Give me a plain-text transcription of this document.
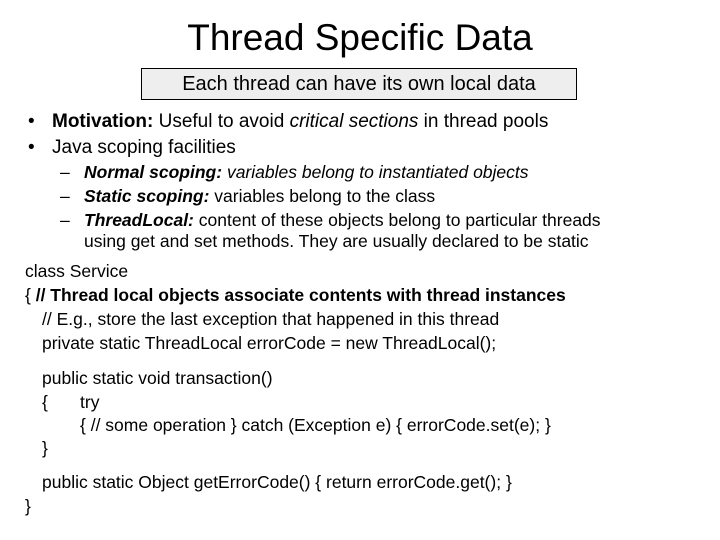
Thread Specific Data
Each thread can have its own local data
• Motivation: Useful to avoid critical sections in thread pools
• Java scoping facilities
– Normal scoping: variables belong to instantiated objects
– Static scoping: variables belong to the class
– ThreadLocal: content of these objects belong to particular threads
using get and set methods. They are usually declared to be static
class Service
{ // Thread local objects associate contents with thread instances
// E.g., store the last exception that happened in this thread
private static ThreadLocal errorCode = new ThreadLocal();
public static void transaction()
{ try
{ // some operation } catch (Exception e) { errorCode.set(e); }
}
public static Object getErrorCode() { return errorCode.get(); }
}
